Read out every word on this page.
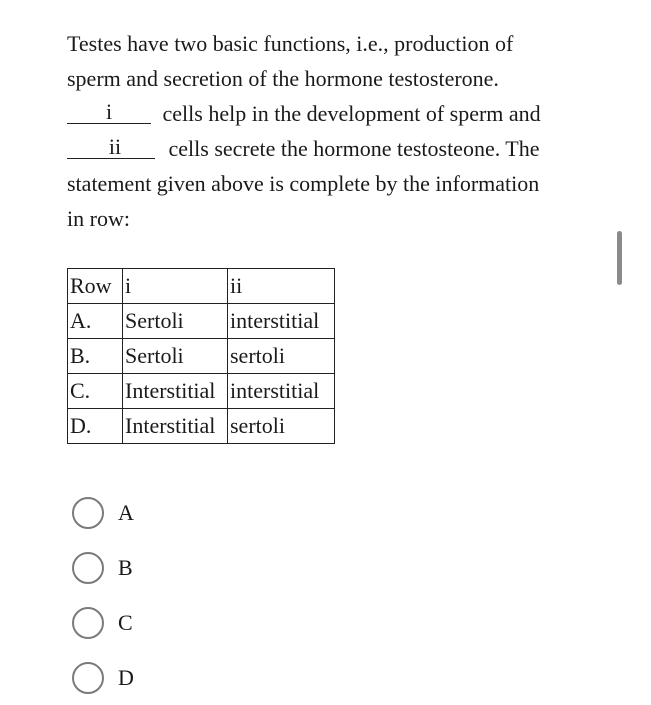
Testes have two basic functions, i.e., production of
sperm and secretion of the hormone testosterone.
i cells help in the development of sperm and
ii cells secrete the hormone testosteone. The
statement given above is complete by the information
in row:
Row	i	ii
A.	Sertoli	interstitial
B.	Sertoli	sertoli
C.	Interstitial	interstitial
D.	Interstitial	sertoli
A
B
C
D
